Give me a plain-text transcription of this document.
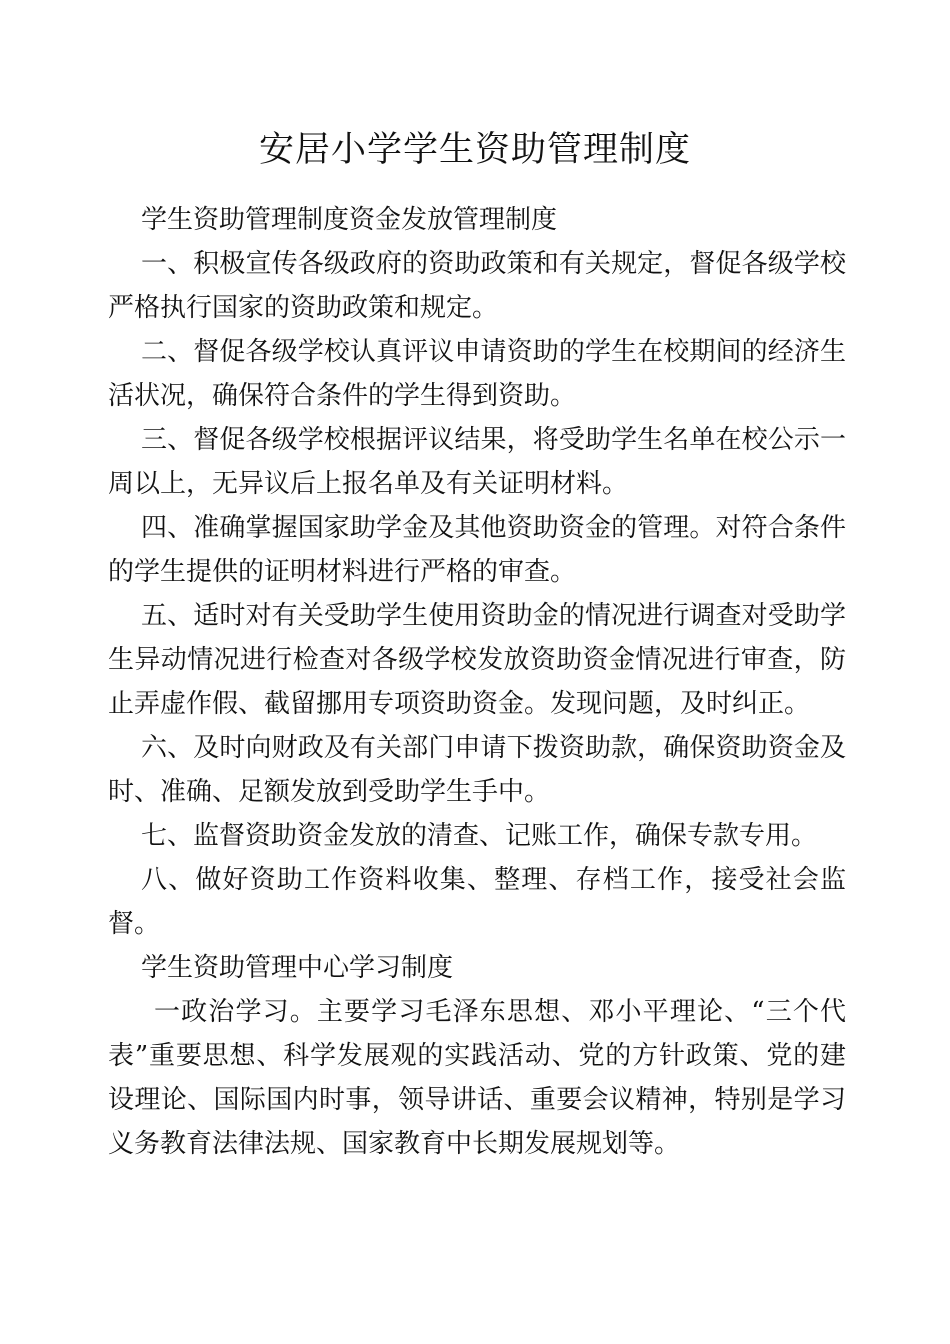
安居小学学生资助管理制度

学生资助管理制度资金发放管理制度

一、积极宣传各级政府的资助政策和有关规定，督促各级学校严格执行国家的资助政策和规定。

二、督促各级学校认真评议申请资助的学生在校期间的经济生活状况，确保符合条件的学生得到资助。

三、督促各级学校根据评议结果，将受助学生名单在校公示一周以上，无异议后上报名单及有关证明材料。

四、准确掌握国家助学金及其他资助资金的管理。对符合条件的学生提供的证明材料进行严格的审查。

五、适时对有关受助学生使用资助金的情况进行调查对受助学生异动情况进行检查对各级学校发放资助资金情况进行审查，防止弄虚作假、截留挪用专项资助资金。发现问题，及时纠正。

六、及时向财政及有关部门申请下拨资助款，确保资助资金及时、准确、足额发放到受助学生手中。

七、监督资助资金发放的清查、记账工作，确保专款专用。

八、做好资助工作资料收集、整理、存档工作，接受社会监督。

学生资助管理中心学习制度

一政治学习。主要学习毛泽东思想、邓小平理论、“三个代表”重要思想、科学发展观的实践活动、党的方针政策、党的建设理论、国际国内时事，领导讲话、重要会议精神，特别是学习义务教育法律法规、国家教育中长期发展规划等。
